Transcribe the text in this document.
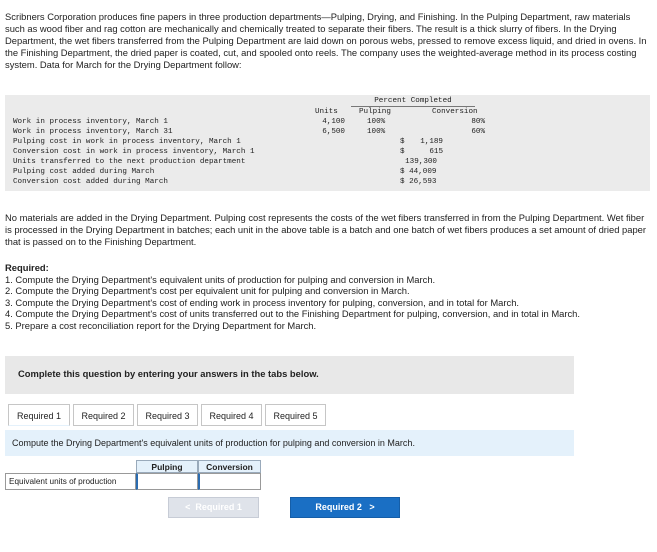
Scribners Corporation produces fine papers in three production departments—Pulping, Drying, and Finishing. In the Pulping Department, raw materials such as wood fiber and rag cotton are mechanically and chemically treated to separate their fibers. The result is a thick slurry of fibers. In the Drying Department, the wet fibers transferred from the Pulping Department are laid down on porous webs, pressed to remove excess liquid, and dried in ovens. In the Finishing Department, the dried paper is coated, cut, and spooled onto reels. The company uses the weighted-average method in its process costing system. Data for March for the Drying Department follow:

Percent Completed
Units	Pulping	Conversion
Work in process inventory, March 1	4,100	100%	80%
Work in process inventory, March 31	6,500	100%	60%
Pulping cost in work in process inventory, March 1	$	1,189
Conversion cost in work in process inventory, March 1	$	615
Units transferred to the next production department	139,300
Pulping cost added during March	$ 44,009
Conversion cost added during March	$ 26,593

No materials are added in the Drying Department. Pulping cost represents the costs of the wet fibers transferred in from the Pulping Department. Wet fiber is processed in the Drying Department in batches; each unit in the above table is a batch and one batch of wet fibers produces a set amount of dried paper that is passed on to the Finishing Department.

Required:
1. Compute the Drying Department's equivalent units of production for pulping and conversion in March.
2. Compute the Drying Department's cost per equivalent unit for pulping and conversion in March.
3. Compute the Drying Department's cost of ending work in process inventory for pulping, conversion, and in total for March.
4. Compute the Drying Department's cost of units transferred out to the Finishing Department for pulping, conversion, and in total in March.
5. Prepare a cost reconciliation report for the Drying Department for March.
Complete this question by entering your answers in the tabs below.
Required 1	Required 2	Required 3	Required 4	Required 5
Compute the Drying Department's equivalent units of production for pulping and conversion in March.
Pulping	Conversion
Equivalent units of production
< Required 1	Required 2 >
